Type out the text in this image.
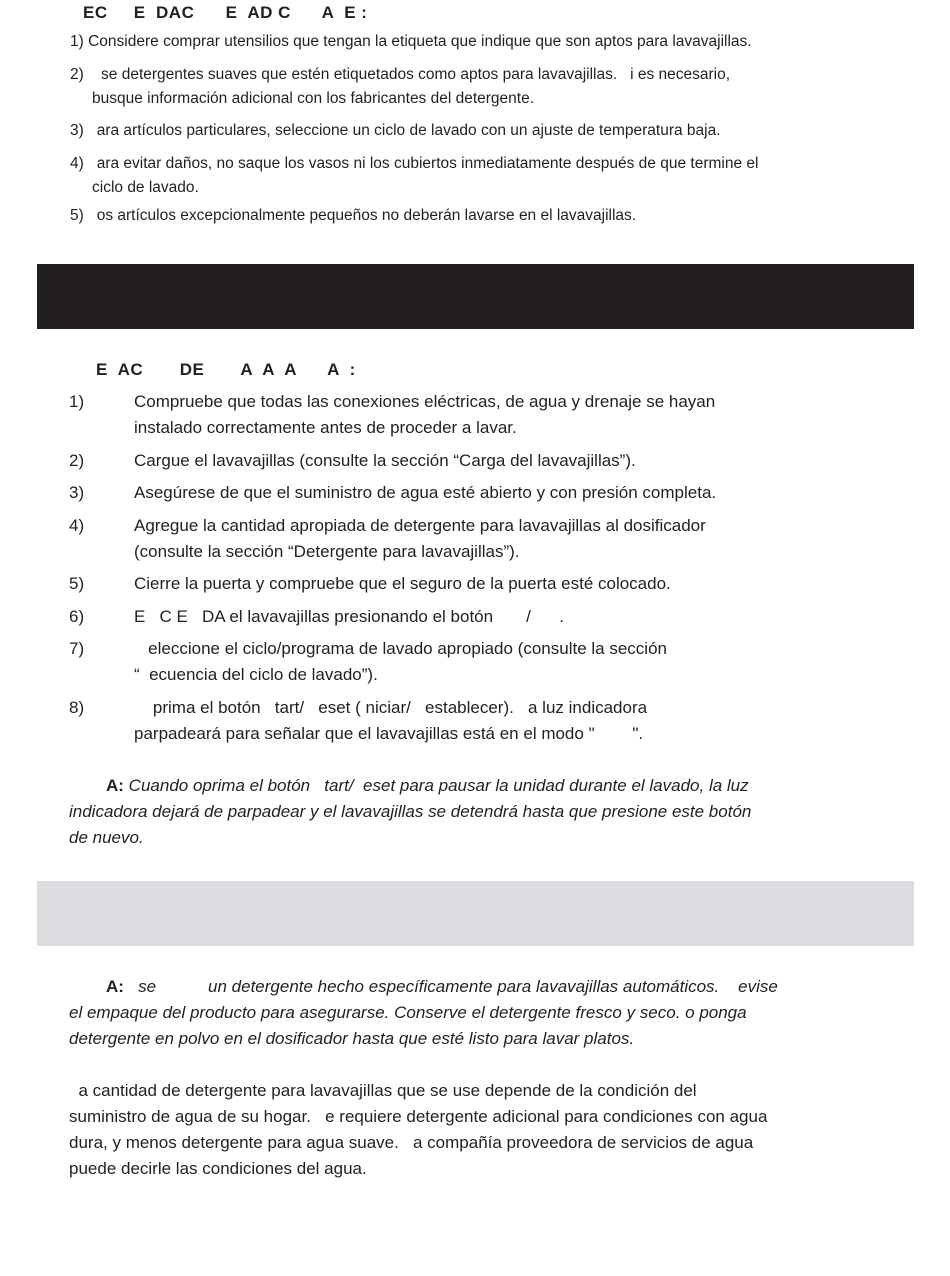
EC     E  DAC      E  AD C      A  E :
1) Considere comprar utensilios que tengan la etiqueta que indique que son aptos para lavavajillas.
2)    se detergentes suaves que estén etiquetados como aptos para lavavajillas.   i es necesario,
busque información adicional con los fabricantes del detergente.
3)   ara artículos particulares, seleccione un ciclo de lavado con un ajuste de temperatura baja.
4)   ara evitar daños, no saque los vasos ni los cubiertos inmediatamente después de que termine el
ciclo de lavado.
5)   os artículos excepcionalmente pequeños no deberán lavarse en el lavavajillas.
E  AC       DE       A  A  A      A  :
1)	Compruebe que todas las conexiones eléctricas, de agua y drenaje se hayan
instalado correctamente antes de proceder a lavar.
2)	Cargue el lavavajillas (consulte la sección “Carga del lavavajillas”).
3)	Asegúrese de que el suministro de agua esté abierto y con presión completa.
4)	Agregue la cantidad apropiada de detergente para lavavajillas al dosificador
(consulte la sección “Detergente para lavavajillas”).
5)	Cierre la puerta y compruebe que el seguro de la puerta esté colocado.
6)	E   C E   DA el lavavajillas presionando el botón       /      .
7)	eleccione el ciclo/programa de lavado apropiado (consulte la sección
“  ecuencia del ciclo de lavado”).
8)	prima el botón   tart/   eset ( niciar/   establecer).   a luz indicadora
parpadeará para señalar que el lavavajillas está en el modo "        ".
A: Cuando oprima el botón   tart/  eset para pausar la unidad durante el lavado, la luz
indicadora dejará de parpadear y el lavavajillas se detendrá hasta que presione este botón
de nuevo.
A:   se           un detergente hecho específicamente para lavavajillas automáticos.    evise
el empaque del producto para asegurarse. Conserve el detergente fresco y seco. o ponga
detergente en polvo en el dosificador hasta que esté listo para lavar platos.
a cantidad de detergente para lavavajillas que se use depende de la condición del
suministro de agua de su hogar.   e requiere detergente adicional para condiciones con agua
dura, y menos detergente para agua suave.   a compañía proveedora de servicios de agua
puede decirle las condiciones del agua.
